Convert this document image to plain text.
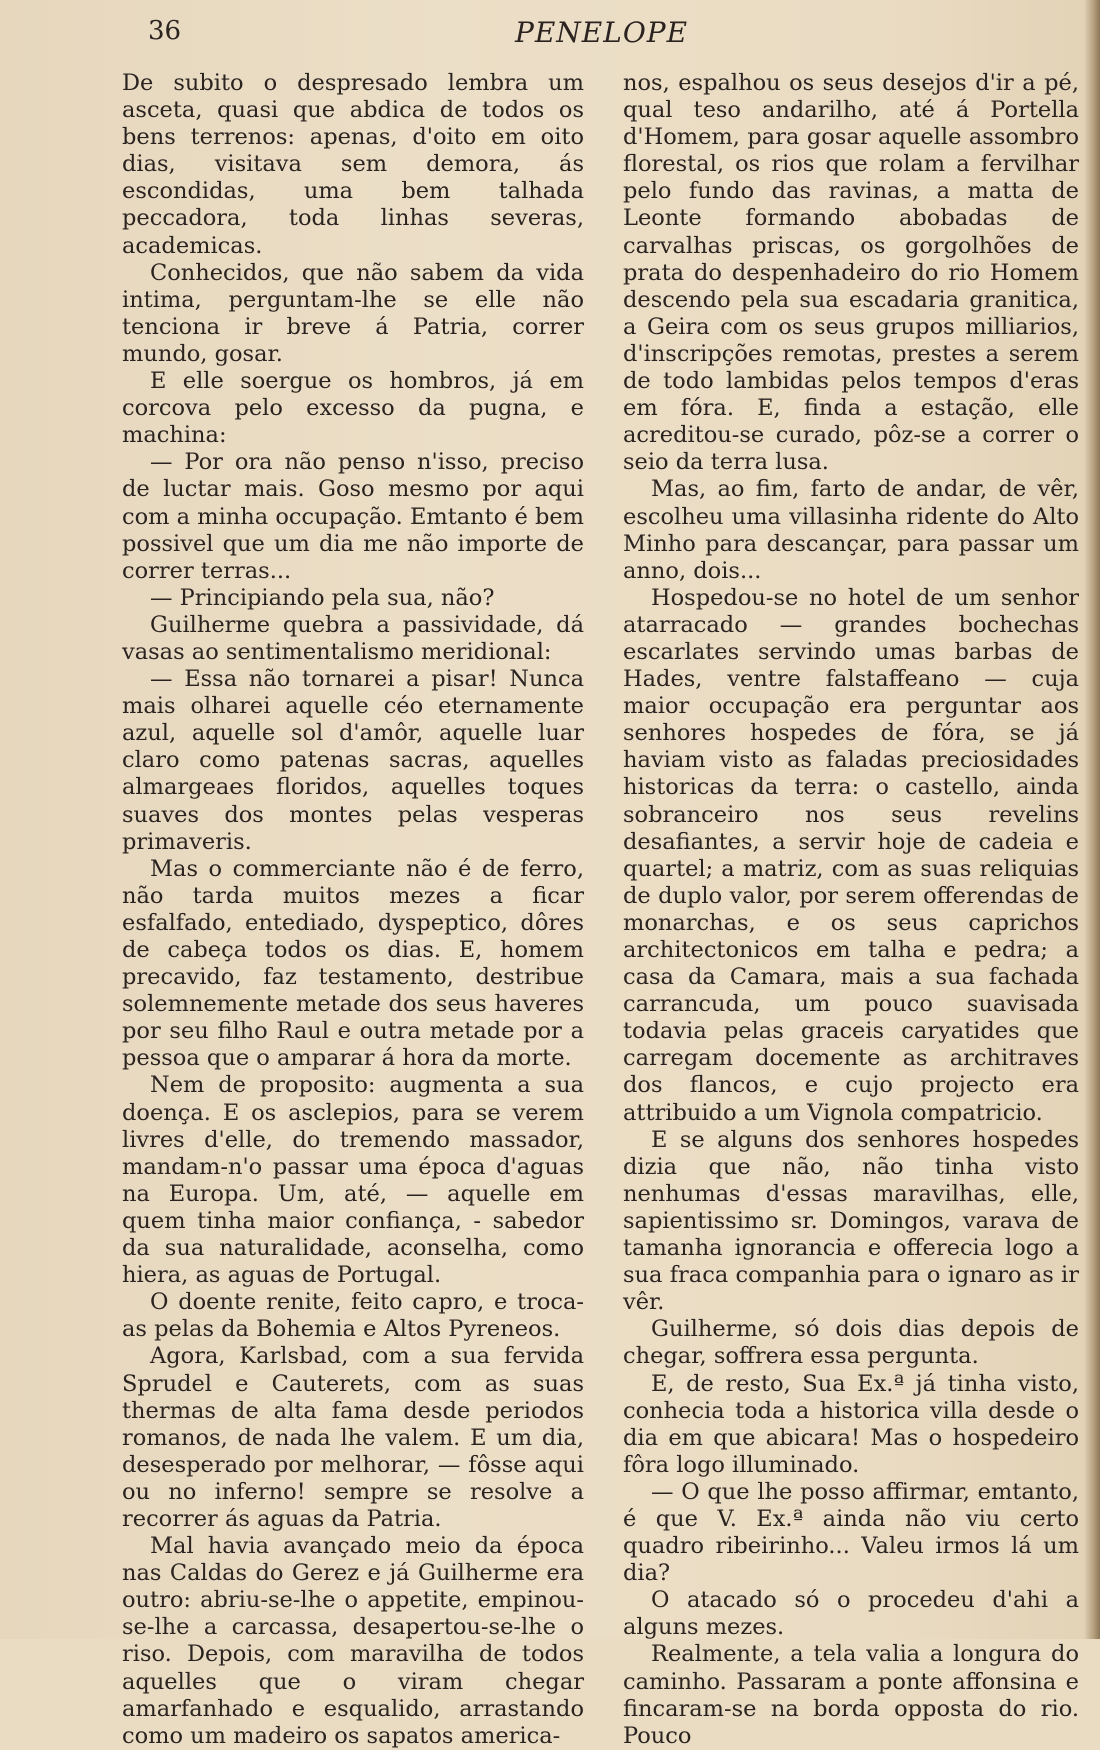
36	PENELOPE

De subito o despresado lembra um asceta, quasi que abdica de todos os bens terrenos: apenas, d'oito em oito dias, visitava sem demora, ás escondidas, uma bem talhada peccadora, toda linhas severas, academicas.

Conhecidos, que não sabem da vida intima, perguntam-lhe se elle não tenciona ir breve á Patria, correr mundo, gosar.

E elle soergue os hombros, já em corcova pelo excesso da pugna, e machina:

— Por ora não penso n'isso, preciso de luctar mais. Goso mesmo por aqui com a minha occupação. Emtanto é bem possivel que um dia me não importe de correr terras...

— Principiando pela sua, não?

Guilherme quebra a passividade, dá vasas ao sentimentalismo meridional:

— Essa não tornarei a pisar! Nunca mais olharei aquelle céo eternamente azul, aquelle sol d'amôr, aquelle luar claro como patenas sacras, aquelles almargeaes floridos, aquelles toques suaves dos montes pelas vesperas primaveris.

Mas o commerciante não é de ferro, não tarda muitos mezes a ficar esfalfado, entediado, dyspeptico, dôres de cabeça todos os dias. E, homem precavido, faz testamento, destribue solemnemente metade dos seus haveres por seu filho Raul e outra metade por a pessoa que o amparar á hora da morte.

Nem de proposito: augmenta a sua doença. E os asclepios, para se verem livres d'elle, do tremendo massador, mandam-n'o passar uma época d'aguas na Europa. Um, até, — aquelle em quem tinha maior confiança, - sabedor da sua naturalidade, aconselha, como hiera, as aguas de Portugal.

O doente renite, feito capro, e troca-as pelas da Bohemia e Altos Pyreneos.

Agora, Karlsbad, com a sua fervida Sprudel e Cauterets, com as suas thermas de alta fama desde periodos romanos, de nada lhe valem. E um dia, desesperado por melhorar, — fôsse aqui ou no inferno! sempre se resolve a recorrer ás aguas da Patria.

Mal havia avançado meio da época nas Caldas do Gerez e já Guilherme era outro: abriu-se-lhe o appetite, empinou-se-lhe a carcassa, desapertou-se-lhe o riso. Depois, com maravilha de todos aquelles que o viram chegar amarfanhado e esqualido, arrastando como um madeiro os sapatos america-

nos, espalhou os seus desejos d'ir a pé, qual teso andarilho, até á Portella d'Homem, para gosar aquelle assombro florestal, os rios que rolam a fervilhar pelo fundo das ravinas, a matta de Leonte formando abobadas de carvalhas priscas, os gorgolhões de prata do despenhadeiro do rio Homem descendo pela sua escadaria granitica, a Geira com os seus grupos milliarios, d'inscripções remotas, prestes a serem de todo lambidas pelos tempos d'eras em fóra. E, finda a estação, elle acreditou-se curado, pôz-se a correr o seio da terra lusa.

Mas, ao fim, farto de andar, de vêr, escolheu uma villasinha ridente do Alto Minho para descançar, para passar um anno, dois...

Hospedou-se no hotel de um senhor atarracado — grandes bochechas escarlates servindo umas barbas de Hades, ventre falstaffeano — cuja maior occupação era perguntar aos senhores hospedes de fóra, se já haviam visto as faladas preciosidades historicas da terra: o castello, ainda sobranceiro nos seus revelins desafiantes, a servir hoje de cadeia e quartel; a matriz, com as suas reliquias de duplo valor, por serem offerendas de monarchas, e os seus caprichos architectonicos em talha e pedra; a casa da Camara, mais a sua fachada carrancuda, um pouco suavisada todavia pelas graceis caryatides que carregam docemente as architraves dos flancos, e cujo projecto era attribuido a um Vignola compatricio.

E se alguns dos senhores hospedes dizia que não, não tinha visto nenhumas d'essas maravilhas, elle, sapientissimo sr. Domingos, varava de tamanha ignorancia e offerecia logo a sua fraca companhia para o ignaro as ir vêr.

Guilherme, só dois dias depois de chegar, soffrera essa pergunta.

E, de resto, Sua Ex.ª já tinha visto, conhecia toda a historica villa desde o dia em que abicara! Mas o hospedeiro fôra logo illuminado.

— O que lhe posso affirmar, emtanto, é que V. Ex.ª ainda não viu certo quadro ribeirinho... Valeu irmos lá um dia?

O atacado só o procedeu d'ahi a alguns mezes.

Realmente, a tela valia a longura do caminho. Passaram a ponte affonsina e fincaram-se na borda opposta do rio. Pouco
